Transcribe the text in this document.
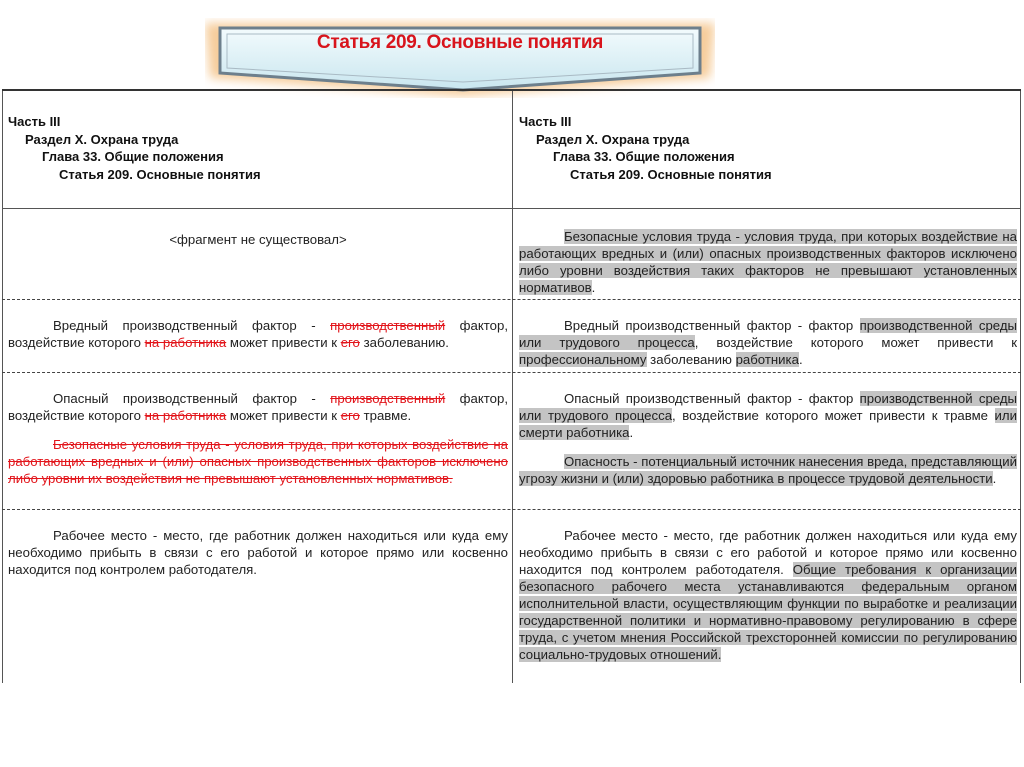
Статья 209. Основные понятия
Часть III
Раздел X. Охрана труда
Глава 33. Общие положения
Статья 209. Основные понятия
Часть III
Раздел X. Охрана труда
Глава 33. Общие положения
Статья 209. Основные понятия

<фрагмент не существовал>	Безопасные условия труда - условия труда, при которых воздействие на работающих вредных и (или) опасных производственных факторов исключено либо уровни воздействия таких факторов не превышают установленных нормативов.

Вредный производственный фактор - производственный фактор, воздействие которого на работника может привести к его заболеванию.

Вредный производственный фактор - фактор производственной среды или трудового процесса, воздействие которого может привести к профессиональному заболеванию работника.

Опасный производственный фактор - производственный фактор, воздействие которого на работника может привести к его травме.

Безопасные условия труда - условия труда, при которых воздействие на работающих вредных и (или) опасных производственных факторов исключено либо уровни их воздействия не превышают установленных нормативов.

Опасный производственный фактор - фактор производственной среды или трудового процесса, воздействие которого может привести к травме или смерти работника.

Опасность - потенциальный источник нанесения вреда, представляющий угрозу жизни и (или) здоровью работника в процессе трудовой деятельности.

Рабочее место - место, где работник должен находиться или куда ему необходимо прибыть в связи с его работой и которое прямо или косвенно находится под контролем работодателя.

Рабочее место - место, где работник должен находиться или куда ему необходимо прибыть в связи с его работой и которое прямо или косвенно находится под контролем работодателя. Общие требования к организации безопасного рабочего места устанавливаются федеральным органом исполнительной власти, осуществляющим функции по выработке и реализации государственной политики и нормативно-правовому регулированию в сфере труда, с учетом мнения Российской трехсторонней комиссии по регулированию социально-трудовых отношений.
